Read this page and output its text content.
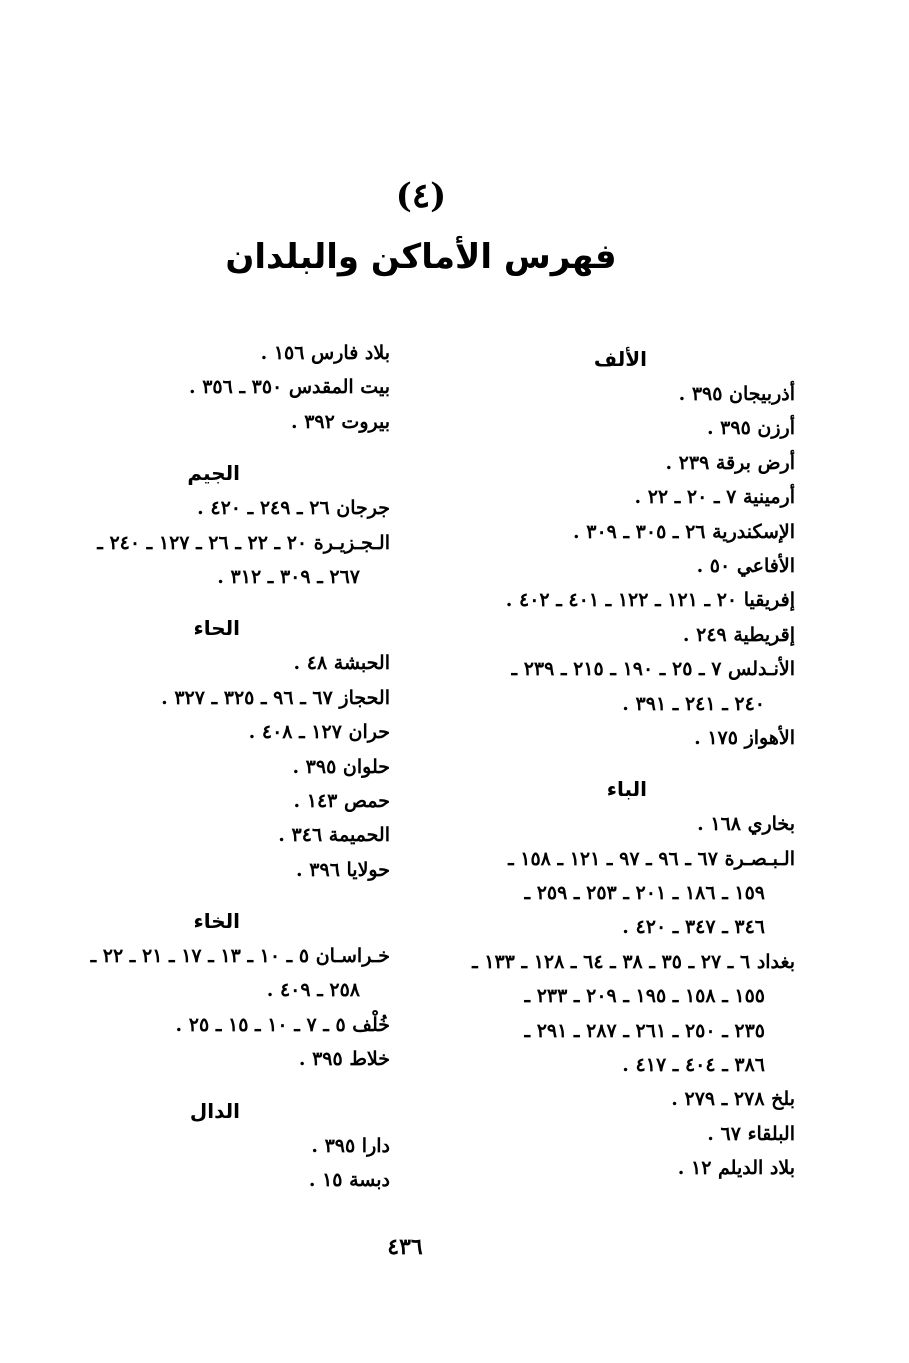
(٤)
فهرس الأماكن والبلدان
الألف
أذربيجان ٣٩٥ .
أرزن ٣٩٥ .
أرض برقة ٢٣٩ .
أرمينية ٧ ـ ٢٠ ـ ٢٢ .
الإسكندرية ٢٦ ـ ٣٠٥ ـ ٣٠٩ .
الأفاعي ٥٠ .
إفريقيا ٢٠ ـ ١٢١ ـ ١٢٢ ـ ٤٠١ ـ ٤٠٢ .
إقريطية ٢٤٩ .
الأنـدلس ٧ ـ ٢٥ ـ ١٩٠ ـ ٢١٥ ـ ٢٣٩ ـ
٢٤٠ ـ ٢٤١ ـ ٣٩١ .
الأهواز ١٧٥ .
الباء
بخاري ١٦٨ .
الـبـصـرة ٦٧ ـ ٩٦ ـ ٩٧ ـ ١٢١ ـ ١٥٨ ـ
١٥٩ ـ ١٨٦ ـ ٢٠١ ـ ٢٥٣ ـ ٢٥٩ ـ
٣٤٦ ـ ٣٤٧ ـ ٤٢٠ .
بغداد ٦ ـ ٢٧ ـ ٣٥ ـ ٣٨ ـ ٦٤ ـ ١٢٨ ـ ١٣٣ ـ
١٥٥ ـ ١٥٨ ـ ١٩٥ ـ ٢٠٩ ـ ٢٣٣ ـ
٢٣٥ ـ ٢٥٠ ـ ٢٦١ ـ ٢٨٧ ـ ٢٩١ ـ
٣٨٦ ـ ٤٠٤ ـ ٤١٧ .
بلخ ٢٧٨ ـ ٢٧٩ .
البلقاء ٦٧ .
بلاد الديلم ١٢ .
بلاد فارس ١٥٦ .
بيت المقدس ٣٥٠ ـ ٣٥٦ .
بيروت ٣٩٢ .
الجيم
جرجان ٢٦ ـ ٢٤٩ ـ ٤٢٠ .
الـجـزيـرة ٢٠ ـ ٢٢ ـ ٢٦ ـ ١٢٧ ـ ٢٤٠ ـ
٢٦٧ ـ ٣٠٩ ـ ٣١٢ .
الحاء
الحبشة ٤٨ .
الحجاز ٦٧ ـ ٩٦ ـ ٣٢٥ ـ ٣٢٧ .
حران ١٢٧ ـ ٤٠٨ .
حلوان ٣٩٥ .
حمص ١٤٣ .
الحميمة ٣٤٦ .
حولايا ٣٩٦ .
الخاء
خـراسـان ٥ ـ ١٠ ـ ١٣ ـ ١٧ ـ ٢١ ـ ٢٢ ـ
٢٥٨ ـ ٤٠٩ .
خُلْف ٥ ـ ٧ ـ ١٠ ـ ١٥ ـ ٢٥ .
خلاط ٣٩٥ .
الدال
دارا ٣٩٥ .
دبسة ١٥ .
٤٣٦
